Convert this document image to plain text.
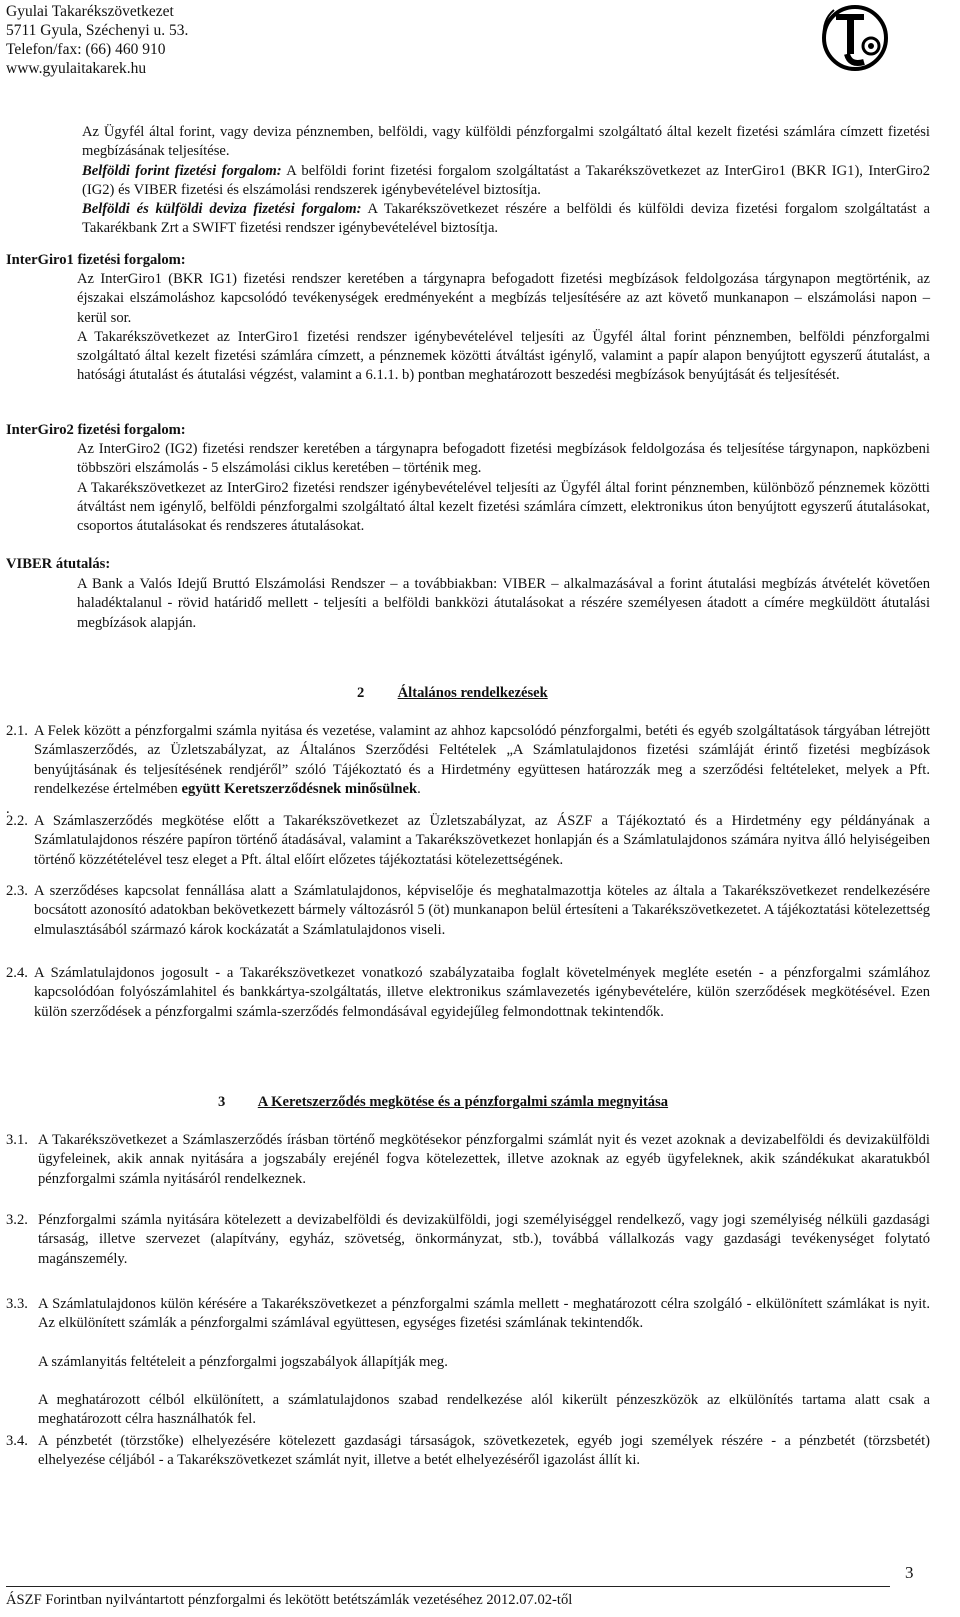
Gyulai Takarékszövetkezet
5711 Gyula, Széchenyi u. 53.
Telefon/fax: (66) 460 910
www.gyulaitakarek.hu

Az Ügyfél által forint, vagy deviza pénznemben, belföldi, vagy külföldi pénzforgalmi szolgáltató által kezelt fizetési számlára címzett fizetési megbízásának teljesítése.

Belföldi forint fizetési forgalom: A belföldi forint fizetési forgalom szolgáltatást a Takarékszövetkezet az InterGiro1 (BKR IG1), InterGiro2 (IG2) és VIBER fizetési és elszámolási rendszerek igénybevételével biztosítja.

Belföldi és külföldi deviza fizetési forgalom: A Takarékszövetkezet részére a belföldi és külföldi deviza fizetési forgalom szolgáltatást a Takarékbank Zrt a SWIFT fizetési rendszer igénybevételével biztosítja.

InterGiro1 fizetési forgalom:

Az InterGiro1 (BKR IG1) fizetési rendszer keretében a tárgynapra befogadott fizetési megbízások feldolgozása tárgynapon megtörténik, az éjszakai elszámoláshoz kapcsolódó tevékenységek eredményeként a megbízás teljesítésére az azt követő munkanapon – elszámolási napon – kerül sor.

A Takarékszövetkezet az InterGiro1 fizetési rendszer igénybevételével teljesíti az Ügyfél által forint pénznemben, belföldi pénzforgalmi szolgáltató által kezelt fizetési számlára címzett, a pénznemek közötti átváltást igénylő, valamint a papír alapon benyújtott egyszerű átutalást, a hatósági átutalást és átutalási végzést, valamint a 6.1.1. b) pontban meghatározott beszedési megbízások benyújtását és teljesítését.

InterGiro2 fizetési forgalom:

Az InterGiro2 (IG2) fizetési rendszer keretében a tárgynapra befogadott fizetési megbízások feldolgozása és teljesítése tárgynapon, napközbeni többszöri elszámolás - 5 elszámolási ciklus keretében – történik meg.

A Takarékszövetkezet az InterGiro2 fizetési rendszer igénybevételével teljesíti az Ügyfél által forint pénznemben, különböző pénznemek közötti átváltást nem igénylő, belföldi pénzforgalmi szolgáltató által kezelt fizetési számlára címzett, elektronikus úton benyújtott egyszerű átutalásokat, csoportos átutalásokat és rendszeres átutalásokat.

VIBER átutalás:

A Bank a Valós Idejű Bruttó Elszámolási Rendszer – a továbbiakban: VIBER – alkalmazásával a forint átutalási megbízás átvételét követően haladéktalanul - rövid határidő mellett - teljesíti a belföldi bankközi átutalásokat a részére személyesen átadott a címére megküldött átutalási megbízások alapján.

2 Általános rendelkezések
2.1. A Felek között a pénzforgalmi számla nyitása és vezetése, valamint az ahhoz kapcsolódó pénzforgalmi, betéti és egyéb szolgáltatások tárgyában létrejött Számlaszerződés, az Üzletszabályzat, az Általános Szerződési Feltételek „A Számlatulajdonos fizetési számláját érintő fizetési megbízások benyújtásának és teljesítésének rendjéről” szóló Tájékoztató és a Hirdetmény együttesen határozzák meg a szerződési feltételeket, melyek a Pft. rendelkezése értelmében együtt Keretszerződésnek minősülnek.

.
2.2. A Számlaszerződés megkötése előtt a Takarékszövetkezet az Üzletszabályzat, az ÁSZF a Tájékoztató és a Hirdetmény egy példányának a Számlatulajdonos részére papíron történő átadásával, valamint a Takarékszövetkezet honlapján és a Számlatulajdonos számára nyitva álló helyiségeiben történő közzétételével tesz eleget a Pft. által előírt előzetes tájékoztatási kötelezettségének.

2.3. A szerződéses kapcsolat fennállása alatt a Számlatulajdonos, képviselője és meghatalmazottja köteles az általa a Takarékszövetkezet rendelkezésére bocsátott azonosító adatokban bekövetkezett bármely változásról 5 (öt) munkanapon belül értesíteni a Takarékszövetkezetet. A tájékoztatási kötelezettség elmulasztásából származó károk kockázatát a Számlatulajdonos viseli.

2.4. A Számlatulajdonos jogosult - a Takarékszövetkezet vonatkozó szabályzataiba foglalt követelmények megléte esetén - a pénzforgalmi számlához kapcsolódóan folyószámlahitel és bankkártya-szolgáltatás, illetve elektronikus számlavezetés igénybevételére, külön szerződések megkötésével. Ezen külön szerződések a pénzforgalmi számla-szerződés felmondásával egyidejűleg felmondottnak tekintendők.

3 A Keretszerződés megkötése és a pénzforgalmi számla megnyitása
3.1. A Takarékszövetkezet a Számlaszerződés írásban történő megkötésekor pénzforgalmi számlát nyit és vezet azoknak a devizabelföldi és devizakülföldi ügyfeleinek, akik annak nyitására a jogszabály erejénél fogva kötelezettek, illetve azoknak az egyéb ügyfeleknek, akik szándékukat akaratukból pénzforgalmi számla nyitásáról rendelkeznek.

3.2. Pénzforgalmi számla nyitására kötelezett a devizabelföldi és devizakülföldi, jogi személyiséggel rendelkező, vagy jogi személyiség nélküli gazdasági társaság, illetve szervezet (alapítvány, egyház, szövetség, önkormányzat, stb.), továbbá vállalkozás vagy gazdasági tevékenységet folytató magánszemély.

3.3. A Számlatulajdonos külön kérésére a Takarékszövetkezet a pénzforgalmi számla mellett - meghatározott célra szolgáló - elkülönített számlákat is nyit. Az elkülönített számlák a pénzforgalmi számlával együttesen, egységes fizetési számlának tekintendők.

A számlanyitás feltételeit a pénzforgalmi jogszabályok állapítják meg.

A meghatározott célból elkülönített, a számlatulajdonos szabad rendelkezése alól kikerült pénzeszközök az elkülönítés tartama alatt csak a meghatározott célra használhatók fel.

3.4. A pénzbetét (törzstőke) elhelyezésére kötelezett gazdasági társaságok, szövetkezetek, egyéb jogi személyek részére - a pénzbetét (törzsbetét) elhelyezése céljából - a Takarékszövetkezet számlát nyit, illetve a betét elhelyezéséről igazolást állít ki.

3
ÁSZF Forintban nyilvántartott pénzforgalmi és lekötött betétszámlák vezetéséhez 2012.07.02-től
